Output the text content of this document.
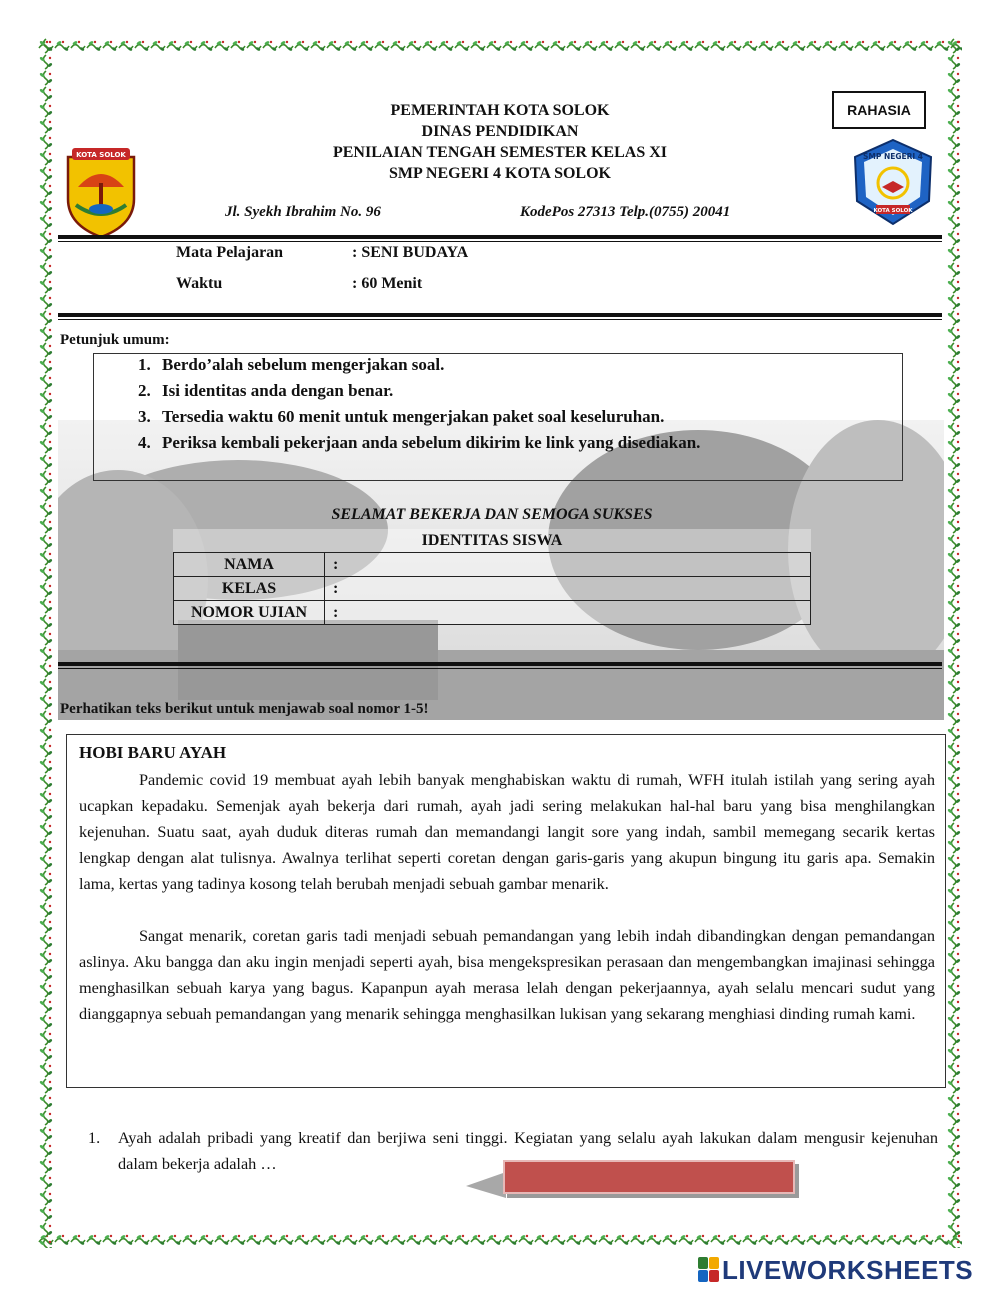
PEMERINTAH KOTA SOLOK
DINAS PENDIDIKAN
PENILAIAN TENGAH SEMESTER KELAS XI
SMP NEGERI 4 KOTA SOLOK
RAHASIA
KOTA SOLOK	SMP NEGERI 4
KOTA SOLOK
Jl. Syekh Ibrahim No. 96	KodePos 27313 Telp.(0755) 20041
Mata Pelajaran	: SENI BUDAYA
Waktu	: 60 Menit
Petunjuk umum:
1. Berdo’alah sebelum mengerjakan soal.
2. Isi identitas anda dengan benar.
3. Tersedia waktu 60 menit untuk mengerjakan paket soal keseluruhan.
4. Periksa kembali pekerjaan anda sebelum dikirim ke link yang disediakan.
SELAMAT BEKERJA DAN SEMOGA SUKSES
IDENTITAS SISWA	
NAMA	:
KELAS	:
NOMOR UJIAN	:
Perhatikan teks berikut untuk menjawab soal nomor 1-5!
HOBI BARU AYAH

Pandemic covid 19 membuat ayah lebih banyak menghabiskan waktu di rumah, WFH itulah istilah yang sering ayah ucapkan kepadaku. Semenjak ayah bekerja dari rumah, ayah jadi sering melakukan hal-hal baru yang bisa menghilangkan kejenuhan. Suatu saat, ayah duduk diteras rumah dan memandangi langit sore yang indah, sambil memegang secarik kertas lengkap dengan alat tulisnya. Awalnya terlihat seperti coretan dengan garis-garis yang akupun bingung itu garis apa. Semakin lama, kertas yang tadinya kosong telah berubah menjadi sebuah gambar menarik.

Sangat menarik, coretan garis tadi menjadi sebuah pemandangan yang lebih indah dibandingkan dengan pemandangan aslinya. Aku bangga dan aku ingin menjadi seperti ayah, bisa mengekspresikan perasaan dan mengembangkan imajinasi sehingga menghasilkan sebuah karya yang bagus. Kapanpun ayah merasa lelah dengan pekerjaannya, ayah selalu mencari sudut yang dianggapnya sebuah pemandangan yang menarik sehingga menghasilkan lukisan yang sekarang menghiasi dinding rumah kami.

1. Ayah adalah pribadi yang kreatif dan berjiwa seni tinggi. Kegiatan yang selalu ayah lakukan dalam mengusir kejenuhan dalam bekerja adalah …
LIVEWORKSHEETS
